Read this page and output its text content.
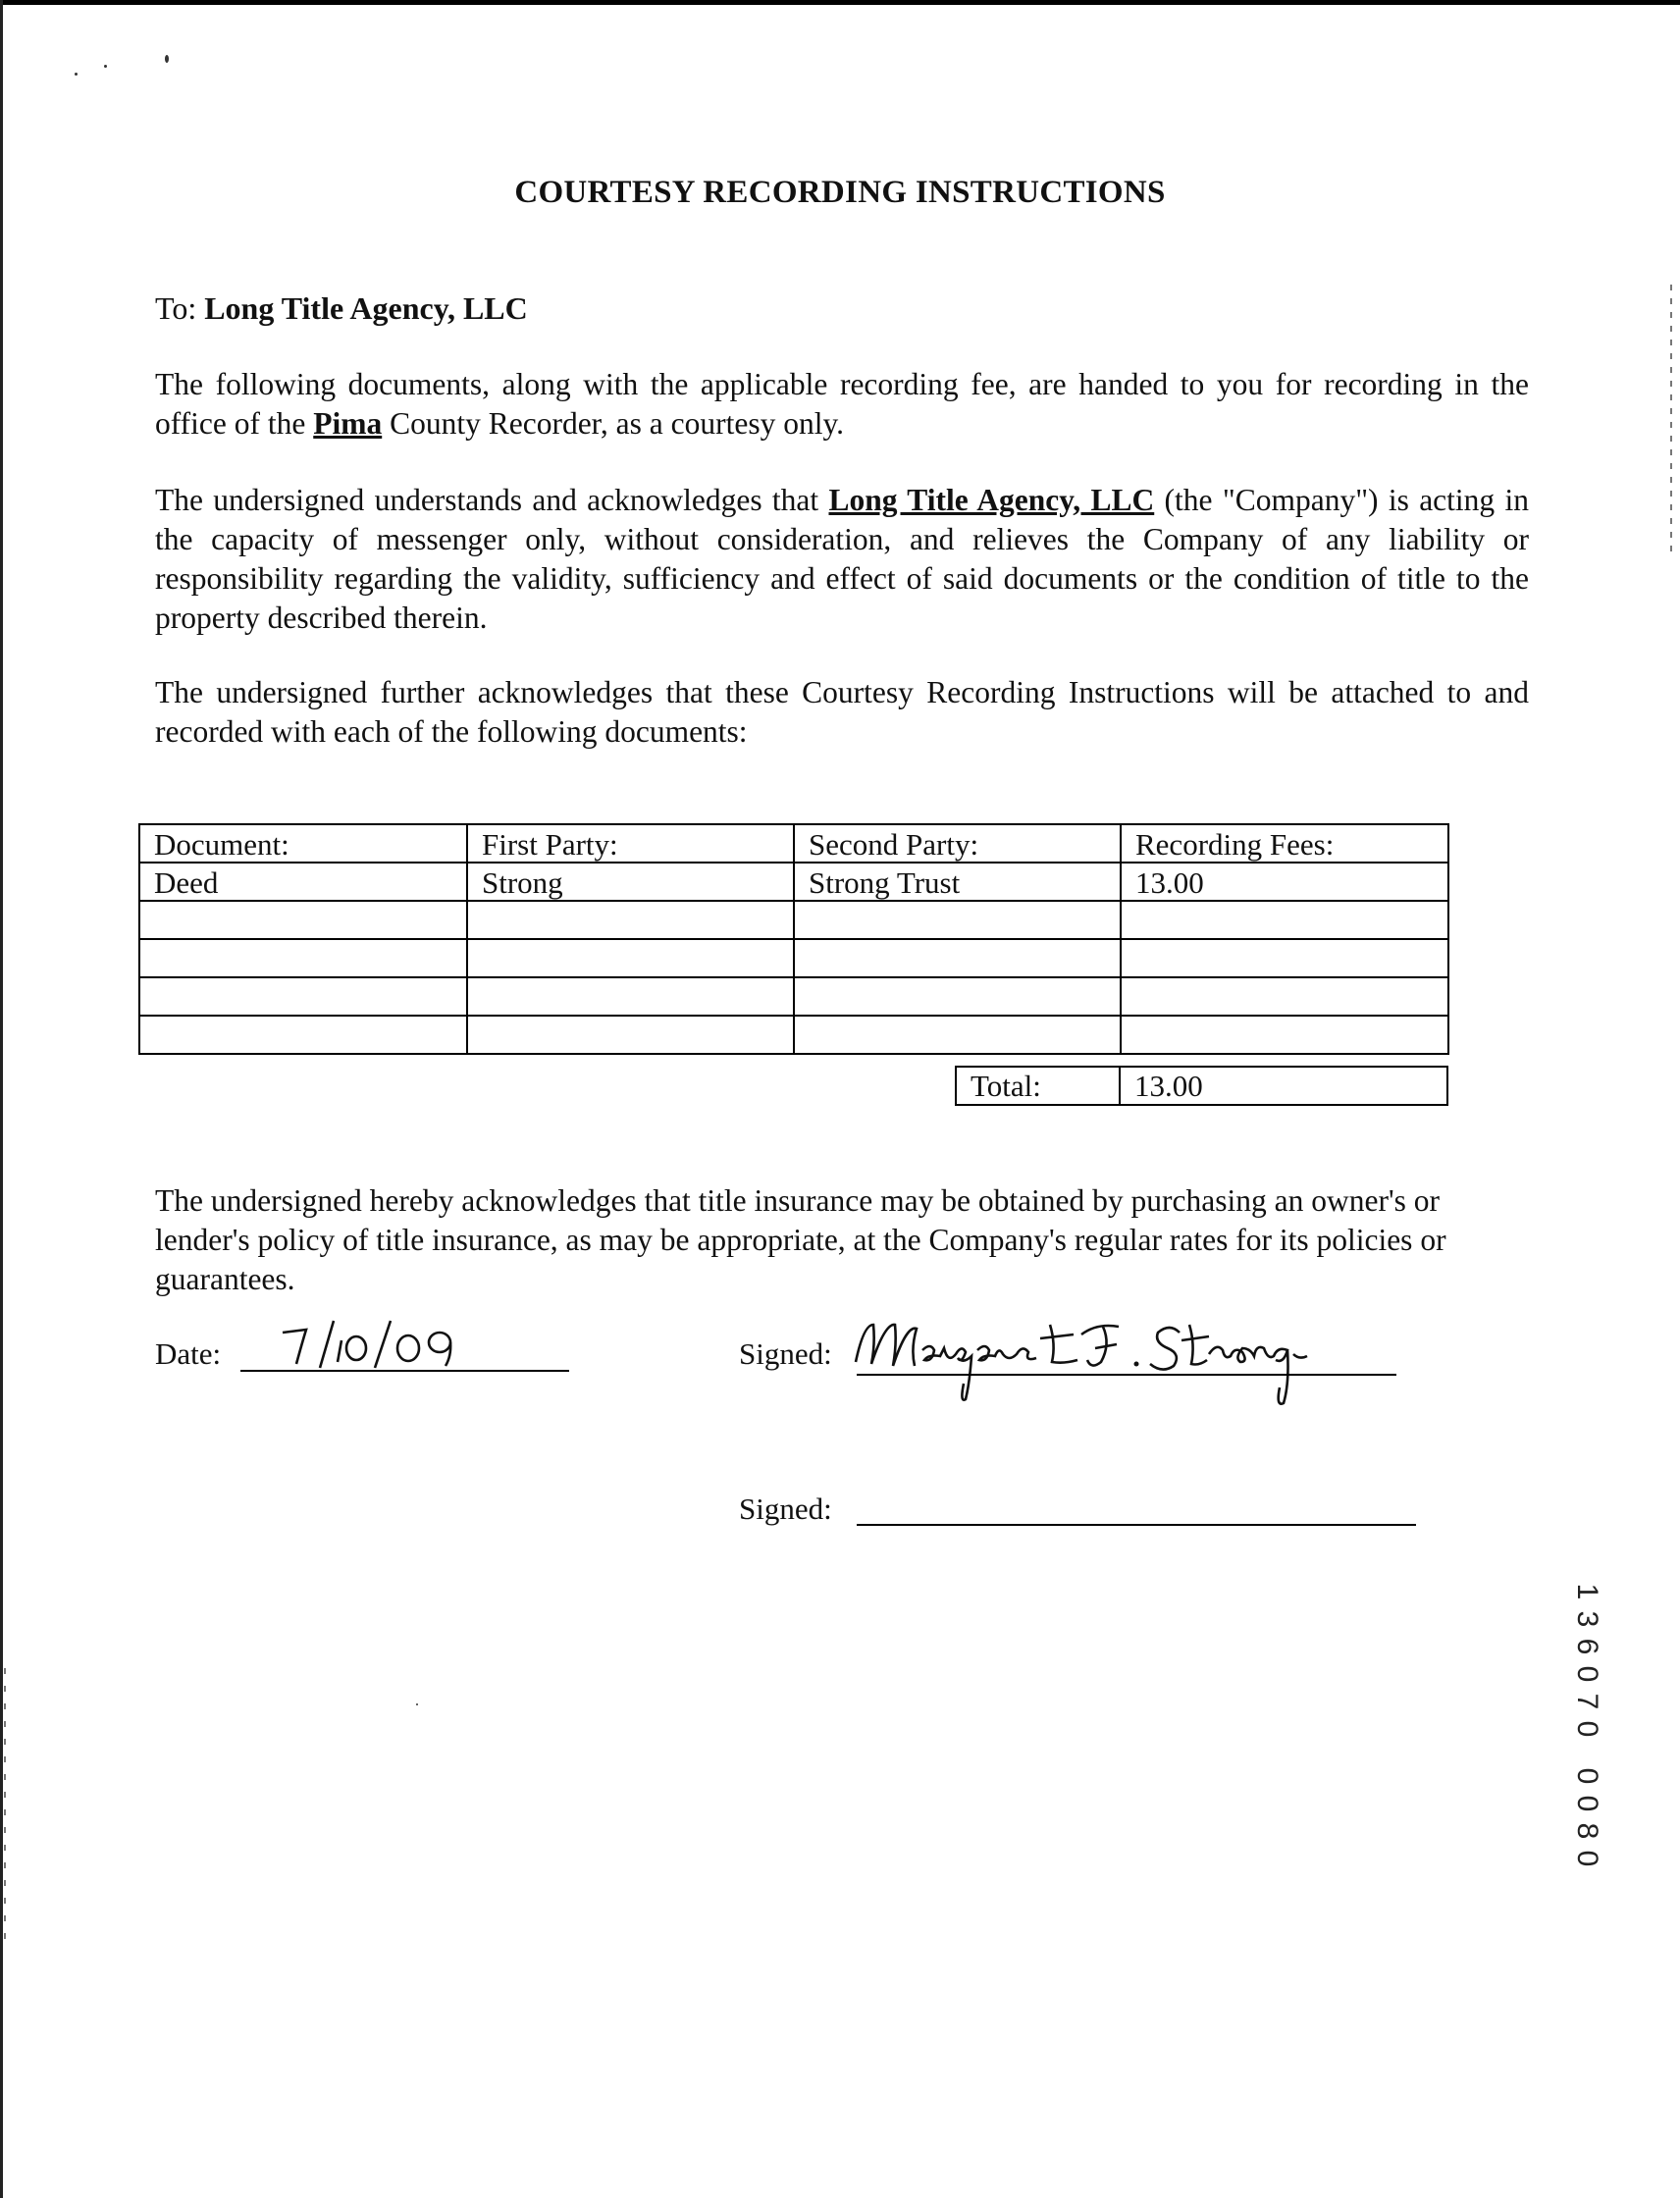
COURTESY RECORDING INSTRUCTIONS
To: Long Title Agency, LLC
The following documents, along with the applicable recording fee, are handed to you for recording in the office of the Pima County Recorder, as a courtesy only.
The undersigned understands and acknowledges that Long Title Agency, LLC (the "Company") is acting in the capacity of messenger only, without consideration, and relieves the Company of any liability or responsibility regarding the validity, sufficiency and effect of said documents or the condition of title to the property described therein.
The undersigned further acknowledges that these Courtesy Recording Instructions will be attached to and recorded with each of the following documents:
Document:	First Party:	Second Party:	Recording Fees:
Deed	Strong	Strong Trust	13.00

Total:	13.00
The undersigned hereby acknowledges that title insurance may be obtained by purchasing an owner's or lender's policy of title insurance, as may be appropriate, at the Company's regular rates for its policies or guarantees.
Date:	Signed:
Signed:
1
3
6
0
7
0
0
0
8
0
